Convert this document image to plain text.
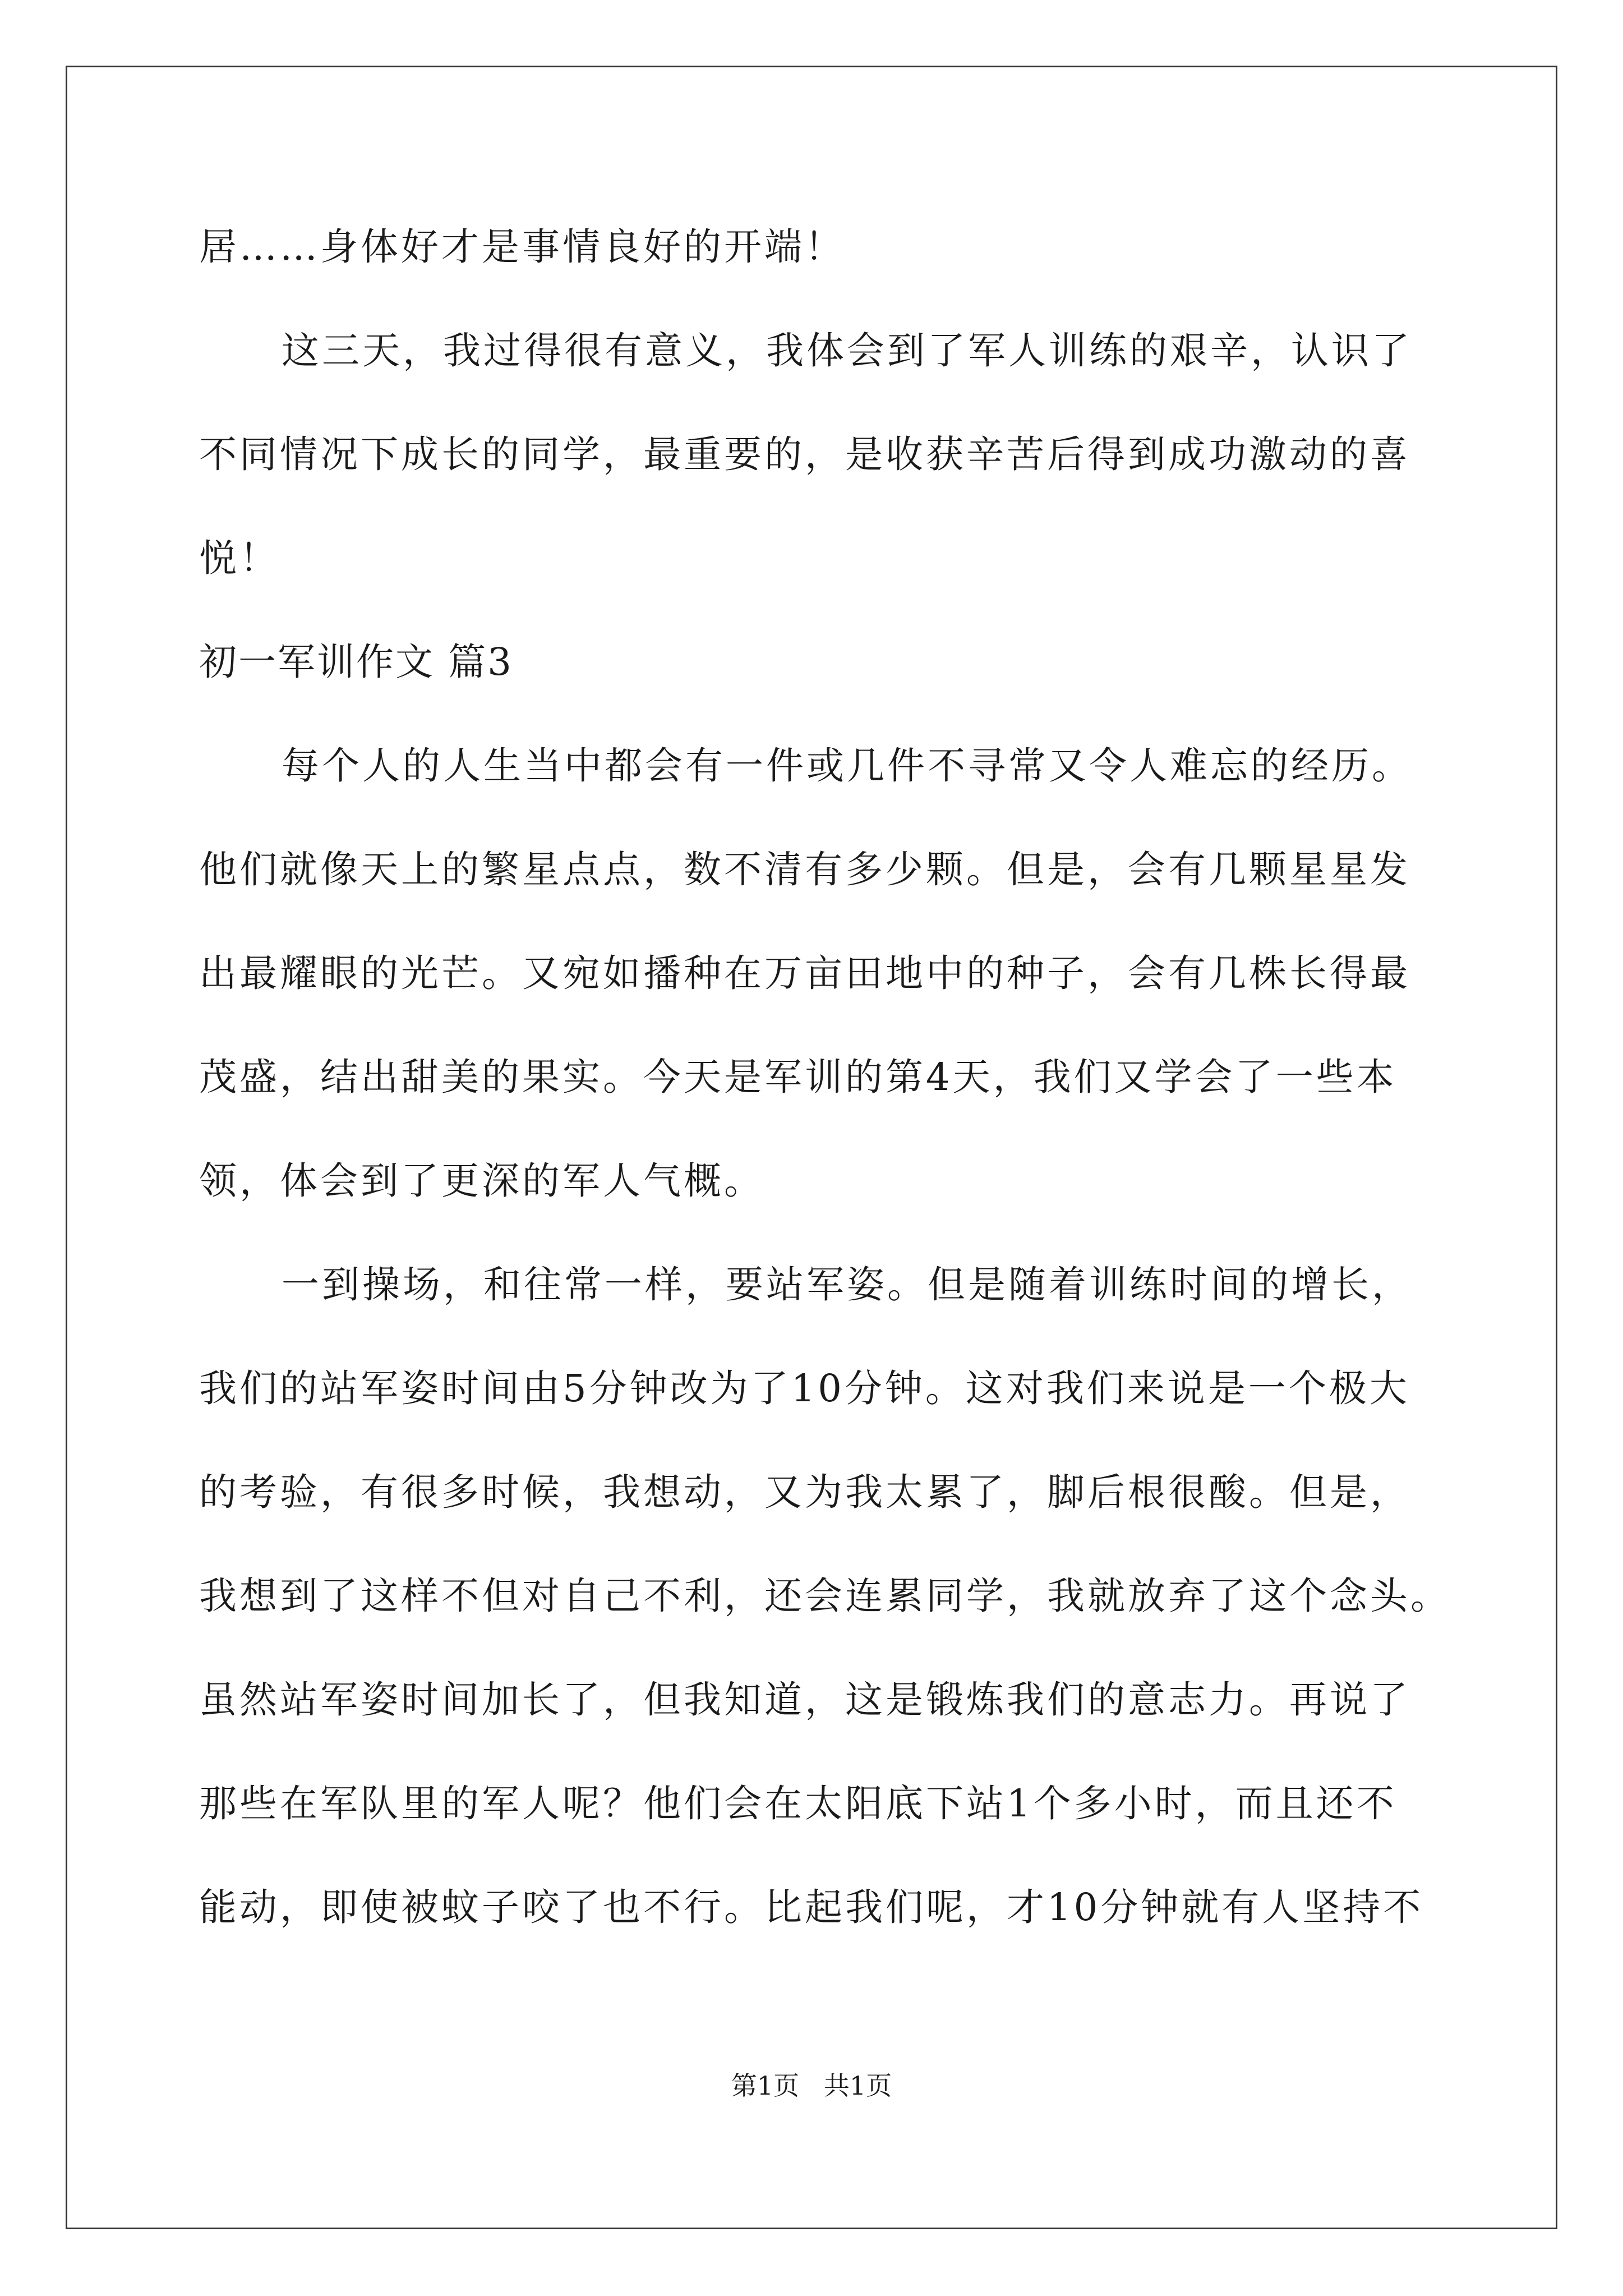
居……身体好才是事情良好的开端！
这三天，我过得很有意义，我体会到了军人训练的艰辛，认识了
不同情况下成长的同学，最重要的，是收获辛苦后得到成功激动的喜
悦！
初一军训作文 篇3
每个人的人生当中都会有一件或几件不寻常又令人难忘的经历。
他们就像天上的繁星点点，数不清有多少颗。但是，会有几颗星星发
出最耀眼的光芒。又宛如播种在万亩田地中的种子，会有几株长得最
茂盛，结出甜美的果实。今天是军训的第4天，我们又学会了一些本
领，体会到了更深的军人气概。
一到操场，和往常一样，要站军姿。但是随着训练时间的增长，
我们的站军姿时间由5分钟改为了10分钟。这对我们来说是一个极大
的考验，有很多时候，我想动，又为我太累了，脚后根很酸。但是，
我想到了这样不但对自己不利，还会连累同学，我就放弃了这个念头。
虽然站军姿时间加长了，但我知道，这是锻炼我们的意志力。再说了
那些在军队里的军人呢？他们会在太阳底下站1个多小时，而且还不
能动，即使被蚊子咬了也不行。比起我们呢，才10分钟就有人坚持不
第1页   共1页
